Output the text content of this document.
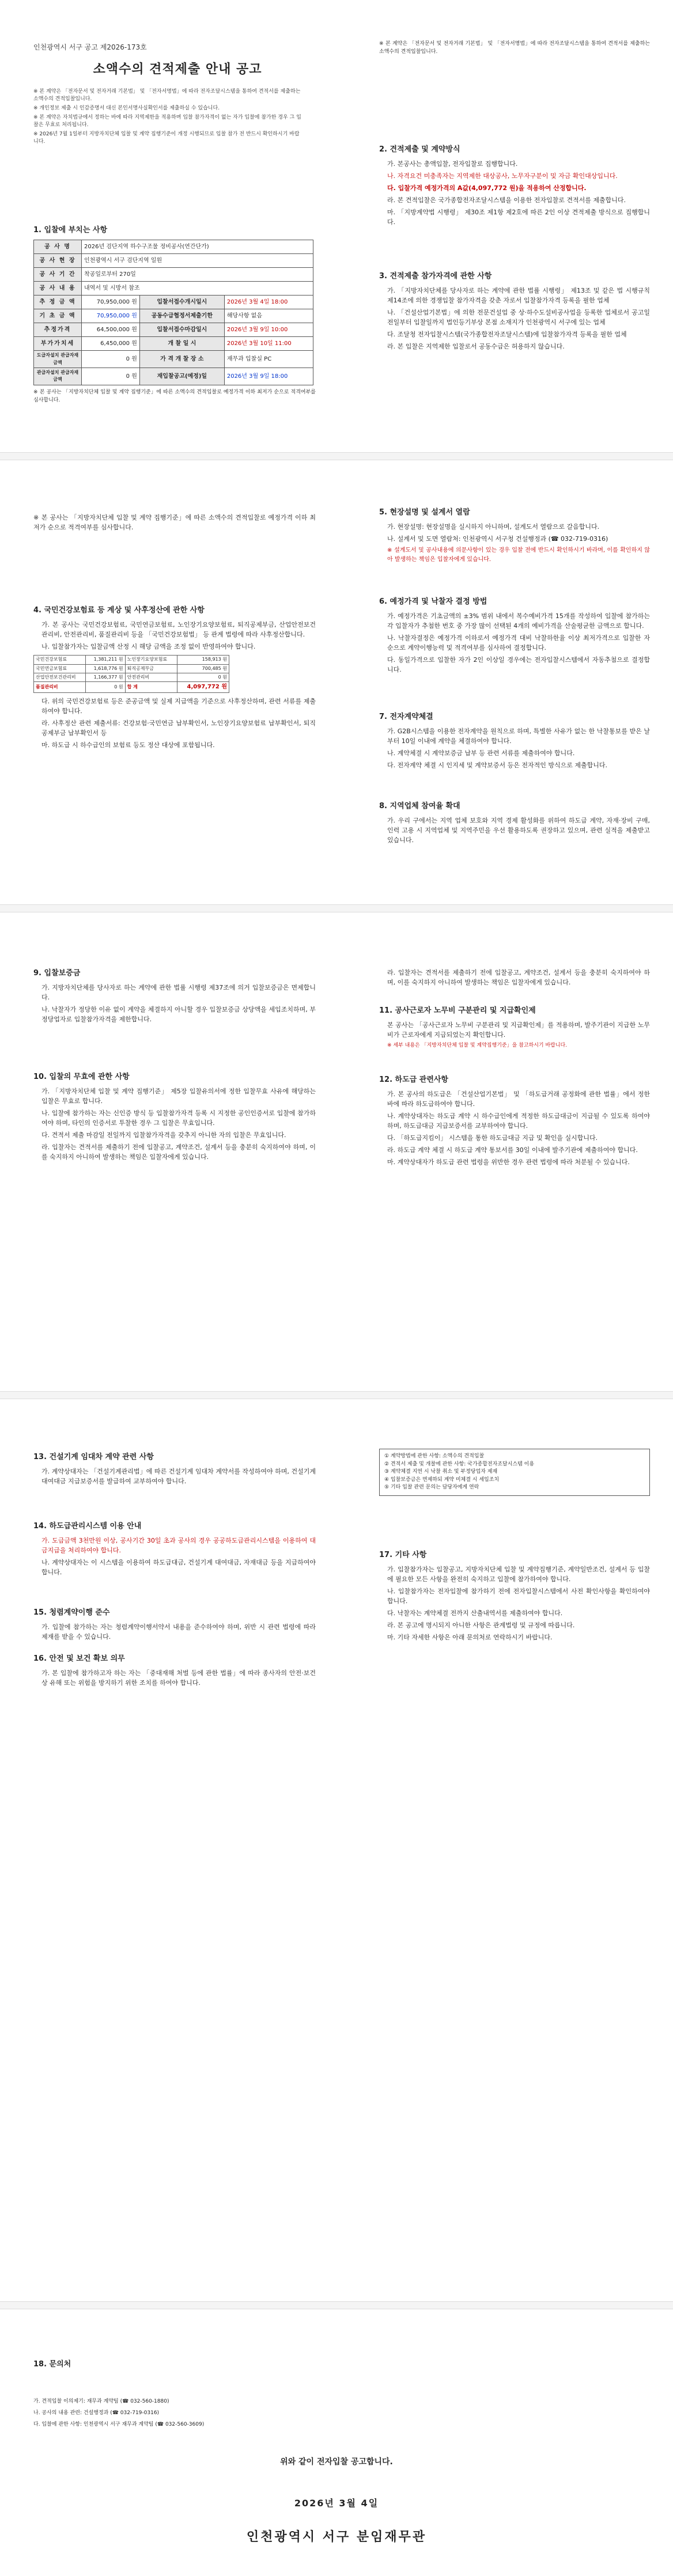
인천광역시 서구 공고 제2026-173호
소액수의 견적제출 안내 공고

※ 본 계약은 「전자문서 및 전자거래 기본법」 및 「전자서명법」에 따라 전자조달시스템을 통하여 견적서를 제출하는 소액수의 견적입찰입니다.

※ 개인정보 제출 시 인감증명서 대신 본인서명사실확인서를 제출하실 수 있습니다.

※ 본 계약은 자치법규에서 정하는 바에 따라 지역제한을 적용하며 입찰 참가자격이 없는 자가 입찰에 참가한 경우 그 입찰은 무효로 처리됩니다.

※ 2026년 7월 1일부터 지방자치단체 입찰 및 계약 집행기준이 개정 시행되므로 입찰 참가 전 반드시 확인하시기 바랍니다.

1. 입찰에 부치는 사항
공 사 명	2026년 검단지역 하수구조물 정비공사(연간단가)		
공 사 현 장	인천광역시 서구 검단지역 일원		
공 사 기 간	착공일로부터 270일		
공 사 내 용	내역서 및 시방서 참조		
추 정 금 액	70,950,000 원	입찰서접수개시일시	2026년 3월 4일 18:00
기 초 금 액	70,950,000 원	공동수급협정서제출기한	해당사항 없음
추정가격	64,500,000 원	입찰서접수마감일시	2026년 3월 9일 10:00
부가가치세	6,450,000 원	개 찰 일 시	2026년 3월 10일 11:00
도급자설치 관급자재금액	0 원	가 격 개 찰 장 소	재무과 입찰실 PC
관급자설치 관급자재금액	0 원	재입찰공고(예정)일	2026년 3월 9일 18:00

※ 본 공사는 「지방자치단체 입찰 및 계약 집행기준」에 따른 소액수의 견적입찰로 예정가격 이하 최저가 순으로 적격여부를 심사합니다.

※ 본 계약은 「전자문서 및 전자거래 기본법」 및 「전자서명법」에 따라 전자조달시스템을 통하여 견적서를 제출하는 소액수의 견적입찰입니다.

2. 견적제출 및 계약방식

가. 본공사는 총액입찰, 전자입찰로 집행합니다.

나. 자격요건 미충족자는 지역제한 대상공사, 노무자구분이 및 자금 확인대상입니다.

다. 입찰가격 예정가격의 A값(4,097,772 원)을 적용하여 산정합니다.

라. 본 견적입찰은 국가종합전자조달시스템을 이용한 전자입찰로 견적서를 제출합니다.

마. 「지방계약법 시행령」 제30조 제1항 제2호에 따른 2인 이상 견적제출 방식으로 집행합니다.

3. 견적제출 참가자격에 관한 사항

가. 「지방자치단체를 당사자로 하는 계약에 관한 법률 시행령」 제13조 및 같은 법 시행규칙 제14조에 의한 경쟁입찰 참가자격을 갖춘 자로서 입찰참가자격 등록을 필한 업체

나. 「건설산업기본법」에 의한 전문건설업 중 상·하수도설비공사업을 등록한 업체로서 공고일 전일부터 입찰일까지 법인등기부상 본점 소재지가 인천광역시 서구에 있는 업체

다. 조달청 전자입찰시스템(국가종합전자조달시스템)에 입찰참가자격 등록을 필한 업체

라. 본 입찰은 지역제한 입찰로서 공동수급은 허용하지 않습니다.

※ 본 공사는 「지방자치단체 입찰 및 계약 집행기준」에 따른 소액수의 견적입찰로 예정가격 이하 최저가 순으로 적격여부를 심사합니다.

4. 국민건강보험료 등 계상 및 사후정산에 관한 사항

가. 본 공사는 국민건강보험료, 국민연금보험료, 노인장기요양보험료, 퇴직공제부금, 산업안전보건관리비, 안전관리비, 품질관리비 등을 「국민건강보험법」 등 관계 법령에 따라 사후정산합니다.

나. 입찰참가자는 입찰금액 산정 시 해당 금액을 조정 없이 반영하여야 합니다.

국민건강보험료	1,381,211 원	노인장기요양보험료	158,913 원
국민연금보험료	1,618,776 원	퇴직공제부금	700,485 원
산업안전보건관리비	1,166,377 원	안전관리비	0 원
품질관리비	0 원	합 계	4,097,772 원

다. 위의 국민건강보험료 등은 준공금액 및 실제 지급액을 기준으로 사후정산하며, 관련 서류를 제출하여야 합니다.

라. 사후정산 관련 제출서류: 건강보험·국민연금 납부확인서, 노인장기요양보험료 납부확인서, 퇴직공제부금 납부확인서 등

마. 하도급 시 하수급인의 보험료 등도 정산 대상에 포함됩니다.

5. 현장설명 및 설계서 열람

가. 현장설명: 현장설명을 실시하지 아니하며, 설계도서 열람으로 갈음합니다.

나. 설계서 및 도면 열람처: 인천광역시 서구청 건설행정과 (☎ 032-719-0316)

※ 설계도서 및 공사내용에 의문사항이 있는 경우 입찰 전에 반드시 확인하시기 바라며, 이를 확인하지 않아 발생하는 책임은 입찰자에게 있습니다.

6. 예정가격 및 낙찰자 결정 방법

가. 예정가격은 기초금액의 ±3% 범위 내에서 복수예비가격 15개를 작성하여 입찰에 참가하는 각 입찰자가 추첨한 번호 중 가장 많이 선택된 4개의 예비가격을 산술평균한 금액으로 합니다.

나. 낙찰자결정은 예정가격 이하로서 예정가격 대비 낙찰하한율 이상 최저가격으로 입찰한 자 순으로 계약이행능력 및 적격여부를 심사하여 결정합니다.

다. 동일가격으로 입찰한 자가 2인 이상일 경우에는 전자입찰시스템에서 자동추첨으로 결정합니다.

7. 전자계약체결

가. G2B시스템을 이용한 전자계약을 원칙으로 하며, 특별한 사유가 없는 한 낙찰통보를 받은 날부터 10일 이내에 계약을 체결하여야 합니다.

나. 계약체결 시 계약보증금 납부 등 관련 서류를 제출하여야 합니다.

다. 전자계약 체결 시 인지세 및 계약보증서 등은 전자적인 방식으로 제출합니다.

8. 지역업체 참여율 확대

가. 우리 구에서는 지역 업체 보호와 지역 경제 활성화를 위하여 하도급 계약, 자재·장비 구매, 인력 고용 시 지역업체 및 지역주민을 우선 활용하도록 권장하고 있으며, 관련 실적을 제출받고 있습니다.

9. 입찰보증금

가. 지방자치단체를 당사자로 하는 계약에 관한 법률 시행령 제37조에 의거 입찰보증금은 면제합니다.

나. 낙찰자가 정당한 이유 없이 계약을 체결하지 아니할 경우 입찰보증금 상당액을 세입조치하며, 부정당업자로 입찰참가자격을 제한합니다.

10. 입찰의 무효에 관한 사항

가. 「지방자치단체 입찰 및 계약 집행기준」 제5장 입찰유의서에 정한 입찰무효 사유에 해당하는 입찰은 무효로 합니다.

나. 입찰에 참가하는 자는 신인증 방식 등 입찰참가자격 등록 시 지정한 공인인증서로 입찰에 참가하여야 하며, 타인의 인증서로 투찰한 경우 그 입찰은 무효입니다.

다. 견적서 제출 마감일 전일까지 입찰참가자격을 갖추지 아니한 자의 입찰은 무효입니다.

라. 입찰자는 견적서를 제출하기 전에 입찰공고, 계약조건, 설계서 등을 충분히 숙지하여야 하며, 이를 숙지하지 아니하여 발생하는 책임은 입찰자에게 있습니다.

라. 입찰자는 견적서를 제출하기 전에 입찰공고, 계약조건, 설계서 등을 충분히 숙지하여야 하며, 이를 숙지하지 아니하여 발생하는 책임은 입찰자에게 있습니다.

11. 공사근로자 노무비 구분관리 및 지급확인제

본 공사는 「공사근로자 노무비 구분관리 및 지급확인제」를 적용하며, 발주기관이 지급한 노무비가 근로자에게 지급되었는지 확인합니다.

※ 세부 내용은 「지방자치단체 입찰 및 계약집행기준」을 참고하시기 바랍니다.

12. 하도급 관련사항

가. 본 공사의 하도급은 「건설산업기본법」 및 「하도급거래 공정화에 관한 법률」에서 정한 바에 따라 하도급하여야 합니다.

나. 계약상대자는 하도급 계약 시 하수급인에게 적정한 하도급대금이 지급될 수 있도록 하여야 하며, 하도급대금 지급보증서를 교부하여야 합니다.

다. 「하도급지킴이」 시스템을 통한 하도급대금 지급 및 확인을 실시합니다.

라. 하도급 계약 체결 시 하도급 계약 통보서를 30일 이내에 발주기관에 제출하여야 합니다.

마. 계약상대자가 하도급 관련 법령을 위반한 경우 관련 법령에 따라 처분될 수 있습니다.

13. 건설기계 임대차 계약 관련 사항

가. 계약상대자는 「건설기계관리법」에 따른 건설기계 임대차 계약서를 작성하여야 하며, 건설기계 대여대금 지급보증서를 발급하여 교부하여야 합니다.

14. 하도급관리시스템 이용 안내

가. 도급금액 3천만원 이상, 공사기간 30일 초과 공사의 경우 공공하도급관리시스템을 이용하여 대금지급을 처리하여야 합니다.

나. 계약상대자는 이 시스템을 이용하여 하도급대금, 건설기계 대여대금, 자재대금 등을 지급하여야 합니다.

15. 청렴계약이행 준수

가. 입찰에 참가하는 자는 청렴계약이행서약서 내용을 준수하여야 하며, 위반 시 관련 법령에 따라 제재를 받을 수 있습니다.

16. 안전 및 보건 확보 의무

가. 본 입찰에 참가하고자 하는 자는 「중대재해 처벌 등에 관한 법률」에 따라 종사자의 안전·보건상 유해 또는 위험을 방지하기 위한 조치를 하여야 합니다.

① 계약방법에 관한 사항: 소액수의 견적입찰
② 견적서 제출 및 개찰에 관한 사항: 국가종합전자조달시스템 이용
③ 계약체결 지연 시 낙찰 취소 및 부정당업자 제재
④ 입찰보증금은 면제하되 계약 미체결 시 세입조치
⑤ 기타 입찰 관련 문의는 담당자에게 연락
17. 기타 사항

가. 입찰참가자는 입찰공고, 지방자치단체 입찰 및 계약집행기준, 계약일반조건, 설계서 등 입찰에 필요한 모든 사항을 완전히 숙지하고 입찰에 참가하여야 합니다.

나. 입찰참가자는 전자입찰에 참가하기 전에 전자입찰시스템에서 사전 확인사항을 확인하여야 합니다.

다. 낙찰자는 계약체결 전까지 산출내역서를 제출하여야 합니다.

라. 본 공고에 명시되지 아니한 사항은 관계법령 및 규정에 따릅니다.

마. 기타 자세한 사항은 아래 문의처로 연락하시기 바랍니다.

18. 문의처
가. 견적입찰 이의제기: 재무과 계약팀 (☎ 032-560-1880)
나. 공사의 내용 관련: 건설행정과 (☎ 032-719-0316)
다. 입찰에 관한 사항: 인천광역시 서구 재무과 계약팀 (☎ 032-560-3609)
위와 같이 전자입찰 공고합니다.
2026년 3월 4일
인천광역시 서구 분임재무관
